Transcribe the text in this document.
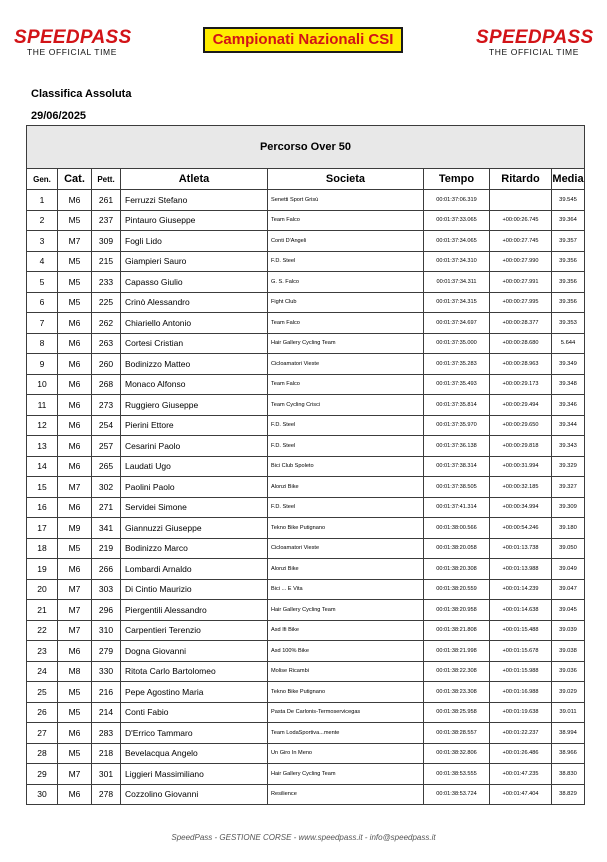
SPEEDPASS
THE OFFICIAL TIME
Campionati Nazionali CSI	SPEEDPASS
THE OFFICIAL TIME
Classifica Assoluta
29/06/2025
Percorso Over 50							
Gen.	Cat.	Pett.	Atleta	Societa	Tempo	Ritardo	Media
1	M6	261	Ferruzzi Stefano	Senetti Sport Grisù	00:01:37:06.319		39.545
2	M5	237	Pintauro Giuseppe	Team Falco	00:01:37:33.065	+00:00:26.745	39.364
3	M7	309	Fogli Lido	Conti D'Angeli	00:01:37:34.065	+00:00:27.745	39.357
4	M5	215	Giampieri Sauro	F.D. Steel	00:01:37:34.310	+00:00:27.990	39.356
5	M5	233	Capasso Giulio	G. S. Falco	00:01:37:34.311	+00:00:27.991	39.356
6	M5	225	Crinò Alessandro	Fight Club	00:01:37:34.315	+00:00:27.995	39.356
7	M6	262	Chiariello Antonio	Team Falco	00:01:37:34.697	+00:00:28.377	39.353
8	M6	263	Cortesi Cristian	Hair Gallery Cycling Team	00:01:37:35.000	+00:00:28.680	5.644
9	M6	260	Bodinizzo Matteo	Cicloamatori Vieste	00:01:37:35.283	+00:00:28.963	39.349
10	M6	268	Monaco Alfonso	Team Falco	00:01:37:35.493	+00:00:29.173	39.348
11	M6	273	Ruggiero Giuseppe	Team Cycling Crisci	00:01:37:35.814	+00:00:29.494	39.346
12	M6	254	Pierini Ettore	F.D. Steel	00:01:37:35.970	+00:00:29.650	39.344
13	M6	257	Cesarini Paolo	F.D. Steel	00:01:37:36.138	+00:00:29.818	39.343
14	M6	265	Laudati Ugo	Bici Club Spoleto	00:01:37:38.314	+00:00:31.994	39.329
15	M7	302	Paolini Paolo	Alonzi Bike	00:01:37:38.505	+00:00:32.185	39.327
16	M6	271	Servidei Simone	F.D. Steel	00:01:37:41.314	+00:00:34.994	39.309
17	M9	341	Giannuzzi Giuseppe	Tekno Bike Putignano	00:01:38:00.566	+00:00:54.246	39.180
18	M5	219	Bodinizzo Marco	Cicloamatori Vieste	00:01:38:20.058	+00:01:13.738	39.050
19	M6	266	Lombardi Arnaldo	Alonzi Bike	00:01:38:20.308	+00:01:13.988	39.049
20	M7	303	Di Cintio Maurizio	Bici ... E Vita	00:01:38:20.559	+00:01:14.239	39.047
21	M7	296	Piergentili Alessandro	Hair Gallery Cycling Team	00:01:38:20.958	+00:01:14.638	39.045
22	M7	310	Carpentieri Terenzio	Asd Ifi Bike	00:01:38:21.808	+00:01:15.488	39.039
23	M6	279	Dogna Giovanni	Asd 100% Bike	00:01:38:21.998	+00:01:15.678	39.038
24	M8	330	Ritota Carlo Bartolomeo	Molise Ricambi	00:01:38:22.308	+00:01:15.988	39.036
25	M5	216	Pepe Agostino Maria	Tekno Bike Putignano	00:01:38:23.308	+00:01:16.988	39.029
26	M5	214	Conti Fabio	Pasta De Carlonis-Termoservicegas	00:01:38:25.958	+00:01:19.638	39.011
27	M6	283	D'Errico Tammaro	Team LodaSportiva...mente	00:01:38:28.557	+00:01:22.237	38.994
28	M5	218	Bevelacqua Angelo	Un Giro In Meno	00:01:38:32.806	+00:01:26.486	38.966
29	M7	301	Liggieri Massimiliano	Hair Gallery Cycling Team	00:01:38:53.555	+00:01:47.235	38.830
30	M6	278	Cozzolino Giovanni	Resilience	00:01:38:53.724	+00:01:47.404	38.829
SpeedPass - GESTIONE CORSE - www.speedpass.it - info@speedpass.it
